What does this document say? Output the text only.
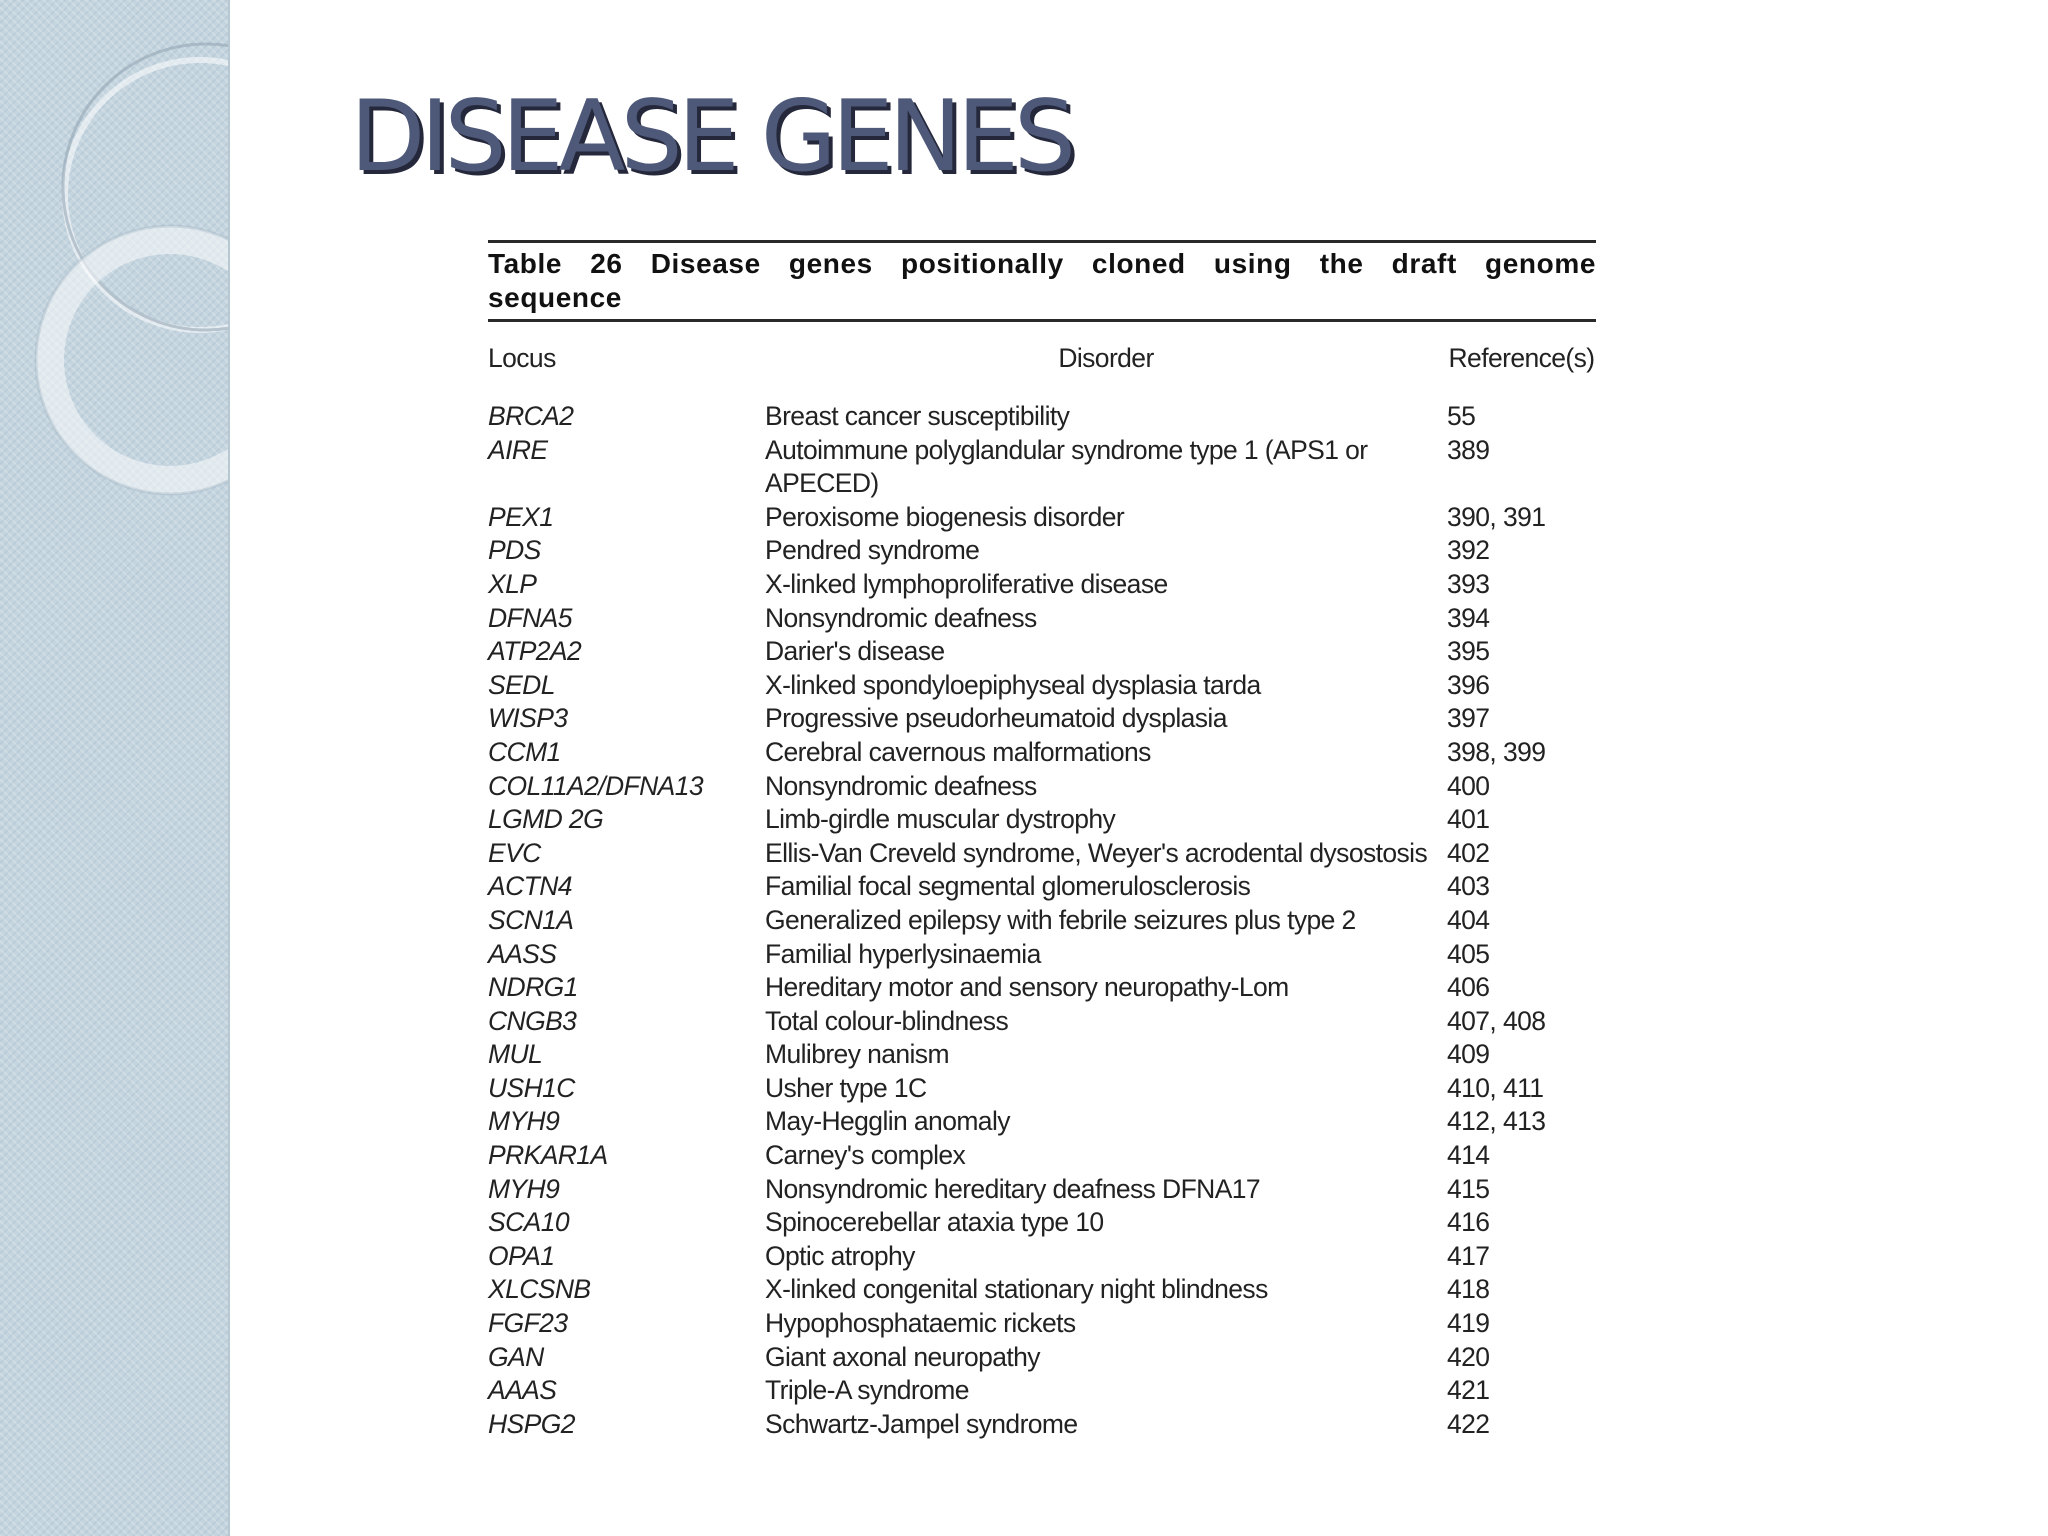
DISEASE GENES
Table 26 Disease genes positionally cloned using the draft genome sequence
Locus	Disorder	Reference(s)
BRCA2	Breast cancer susceptibility	55
AIRE	Autoimmune polyglandular syndrome type 1 (APS1 or APECED)	389
PEX1	Peroxisome biogenesis disorder	390, 391
PDS	Pendred syndrome	392
XLP	X-linked lymphoproliferative disease	393
DFNA5	Nonsyndromic deafness	394
ATP2A2	Darier's disease	395
SEDL	X-linked spondyloepiphyseal dysplasia tarda	396
WISP3	Progressive pseudorheumatoid dysplasia	397
CCM1	Cerebral cavernous malformations	398, 399
COL11A2/DFNA13	Nonsyndromic deafness	400
LGMD 2G	Limb-girdle muscular dystrophy	401
EVC	Ellis-Van Creveld syndrome, Weyer's acrodental dysostosis	402
ACTN4	Familial focal segmental glomerulosclerosis	403
SCN1A	Generalized epilepsy with febrile seizures plus type 2	404
AASS	Familial hyperlysinaemia	405
NDRG1	Hereditary motor and sensory neuropathy-Lom	406
CNGB3	Total colour-blindness	407, 408
MUL	Mulibrey nanism	409
USH1C	Usher type 1C	410, 411
MYH9	May-Hegglin anomaly	412, 413
PRKAR1A	Carney's complex	414
MYH9	Nonsyndromic hereditary deafness DFNA17	415
SCA10	Spinocerebellar ataxia type 10	416
OPA1	Optic atrophy	417
XLCSNB	X-linked congenital stationary night blindness	418
FGF23	Hypophosphataemic rickets	419
GAN	Giant axonal neuropathy	420
AAAS	Triple-A syndrome	421
HSPG2	Schwartz-Jampel syndrome	422
